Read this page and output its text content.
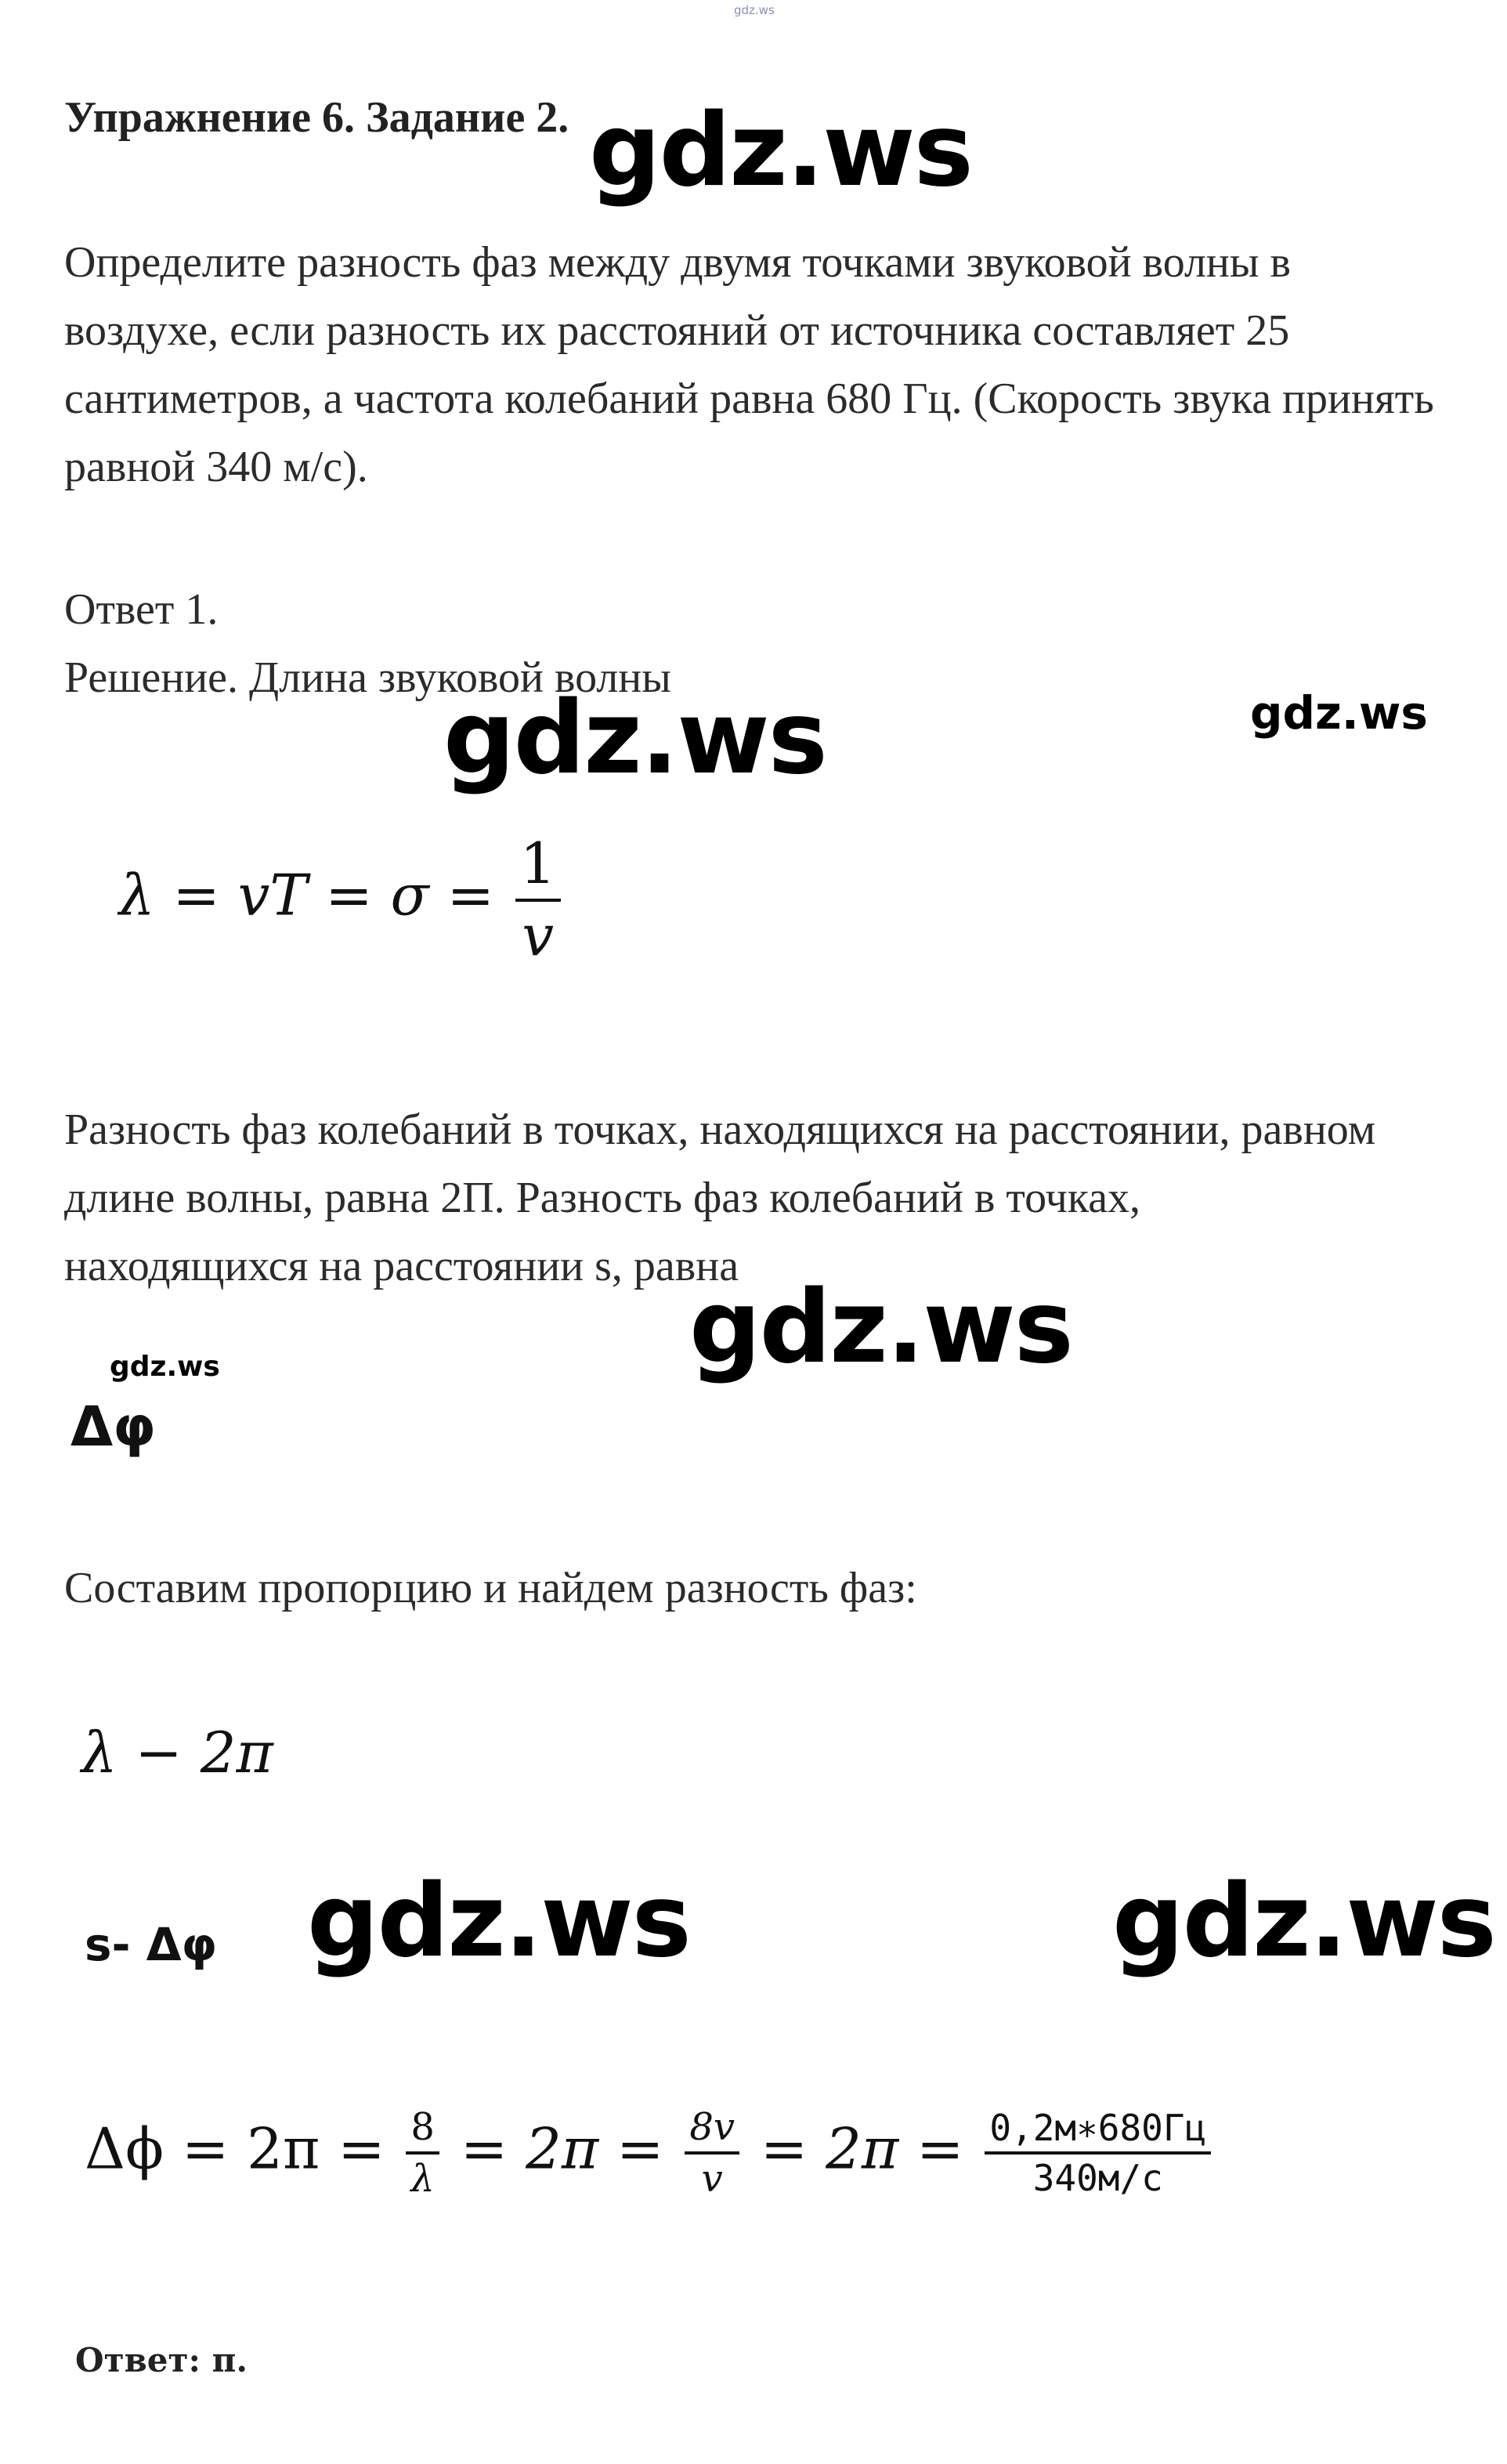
gdz.ws
Упражнение 6. Задание 2. gdz.ws
Определите разность фаз между двумя точками звуковой волны в воздухе, если разность их расстояний от источника составляет 25 сантиметров, а частота колебаний равна 680 Гц. (Скорость звука принять равной 340 м/с).
Ответ 1.
Решение. Длина звуковой волны
gdz.ws	gdz.ws
λ = vT = $\sigma = \frac{1}{v}$
Разность фаз колебаний в точках, находящихся на расстоянии, равном
длине волны, равна 2П. Разность фаз колебаний в точках,
находящихся на расстоянии s, равна
gdz.ws
gdz.ws
Δφ
Составим пропорцию и найдем разность фаз:
λ − 2π
s- Δφ gdz.ws	gdz.ws
$\Delta\phi = 2\pi = \frac{8}{\lambda} = 2\pi = \frac{8v}{v} = 2\pi = \frac{0,2м∗680Гц}{340м/с}$
Ответ: π.
